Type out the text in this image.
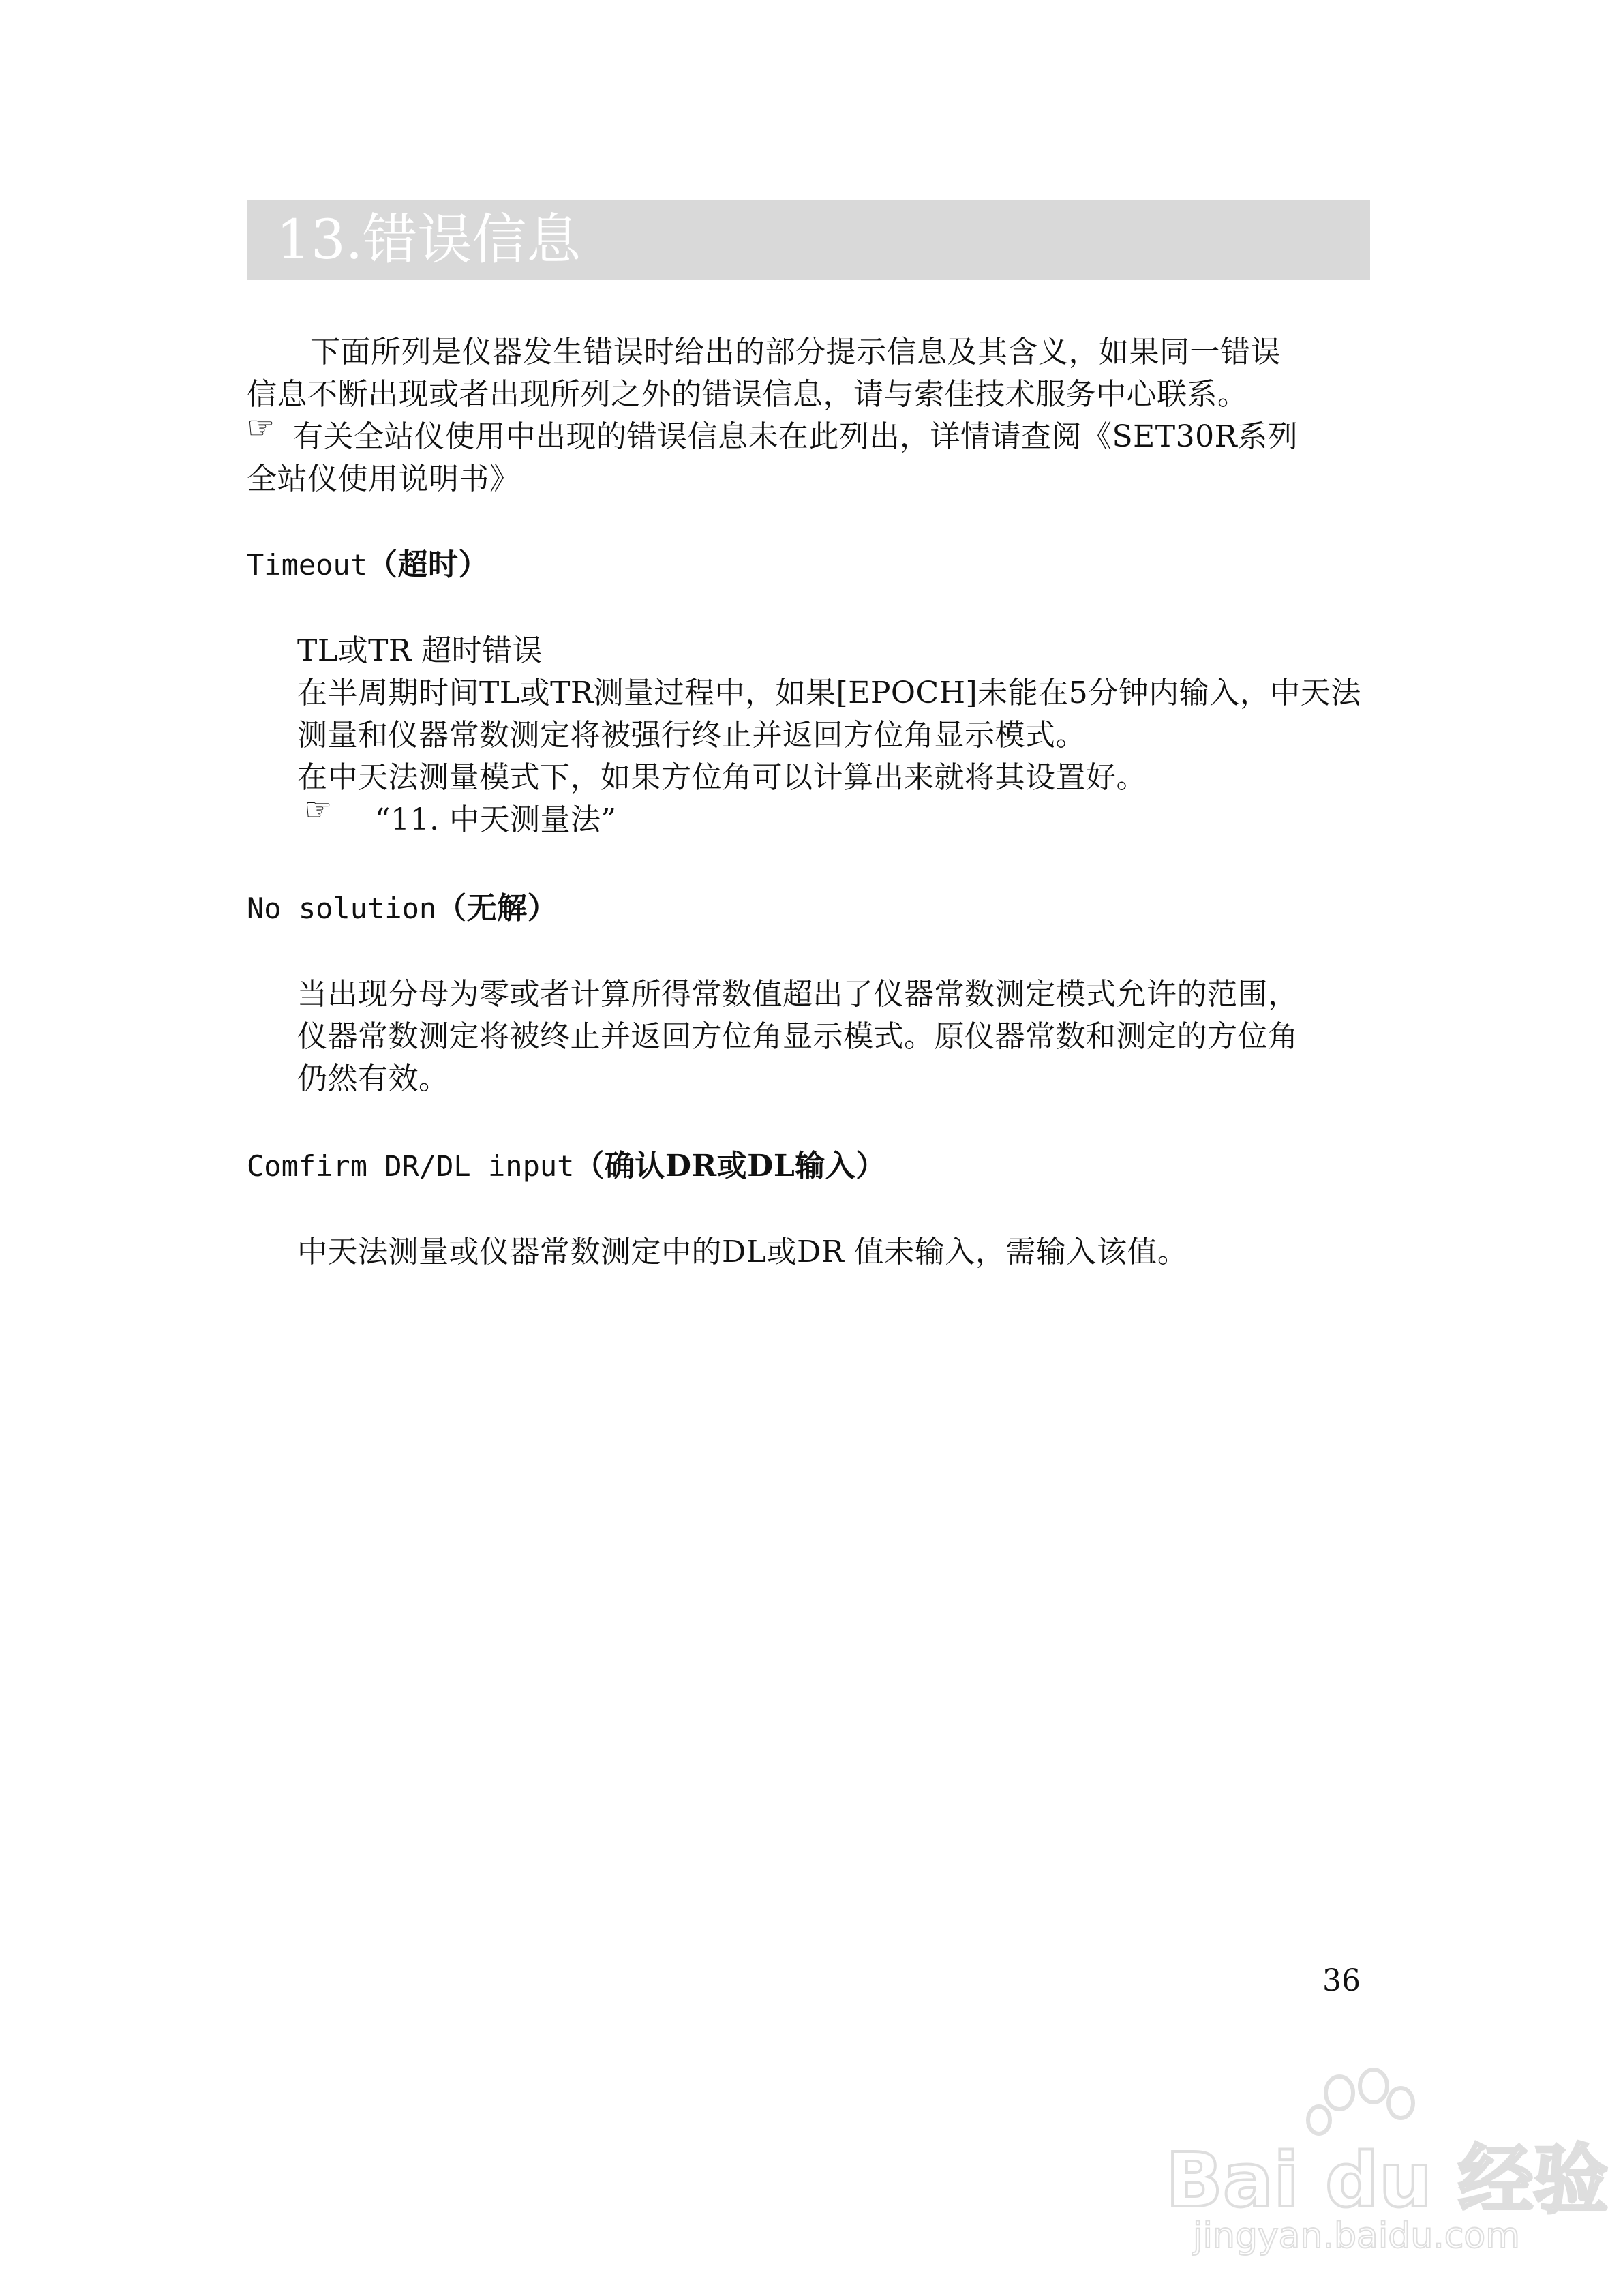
13.错误信息
下面所列是仪器发生错误时给出的部分提示信息及其含义，如果同一错误
信息不断出现或者出现所列之外的错误信息，请与索佳技术服务中心联系。
☞ 有关全站仪使用中出现的错误信息未在此列出，详情请查阅《SET30R系列
全站仪使用说明书》
Timeout（超时）
TL或TR 超时错误
在半周期时间TL或TR测量过程中，如果[EPOCH]未能在5分钟内输入，中天法
测量和仪器常数测定将被强行终止并返回方位角显示模式。
在中天法测量模式下，如果方位角可以计算出来就将其设置好。
☞ “11. 中天测量法”
No solution（无解）
当出现分母为零或者计算所得常数值超出了仪器常数测定模式允许的范围，
仪器常数测定将被终止并返回方位角显示模式。原仪器常数和测定的方位角
仍然有效。
Comfirm DR/DL input（确认DR或DL输入）
中天法测量或仪器常数测定中的DL或DR 值未输入，需输入该值。
36
Bai du 经验
jingyan.baidu.com
